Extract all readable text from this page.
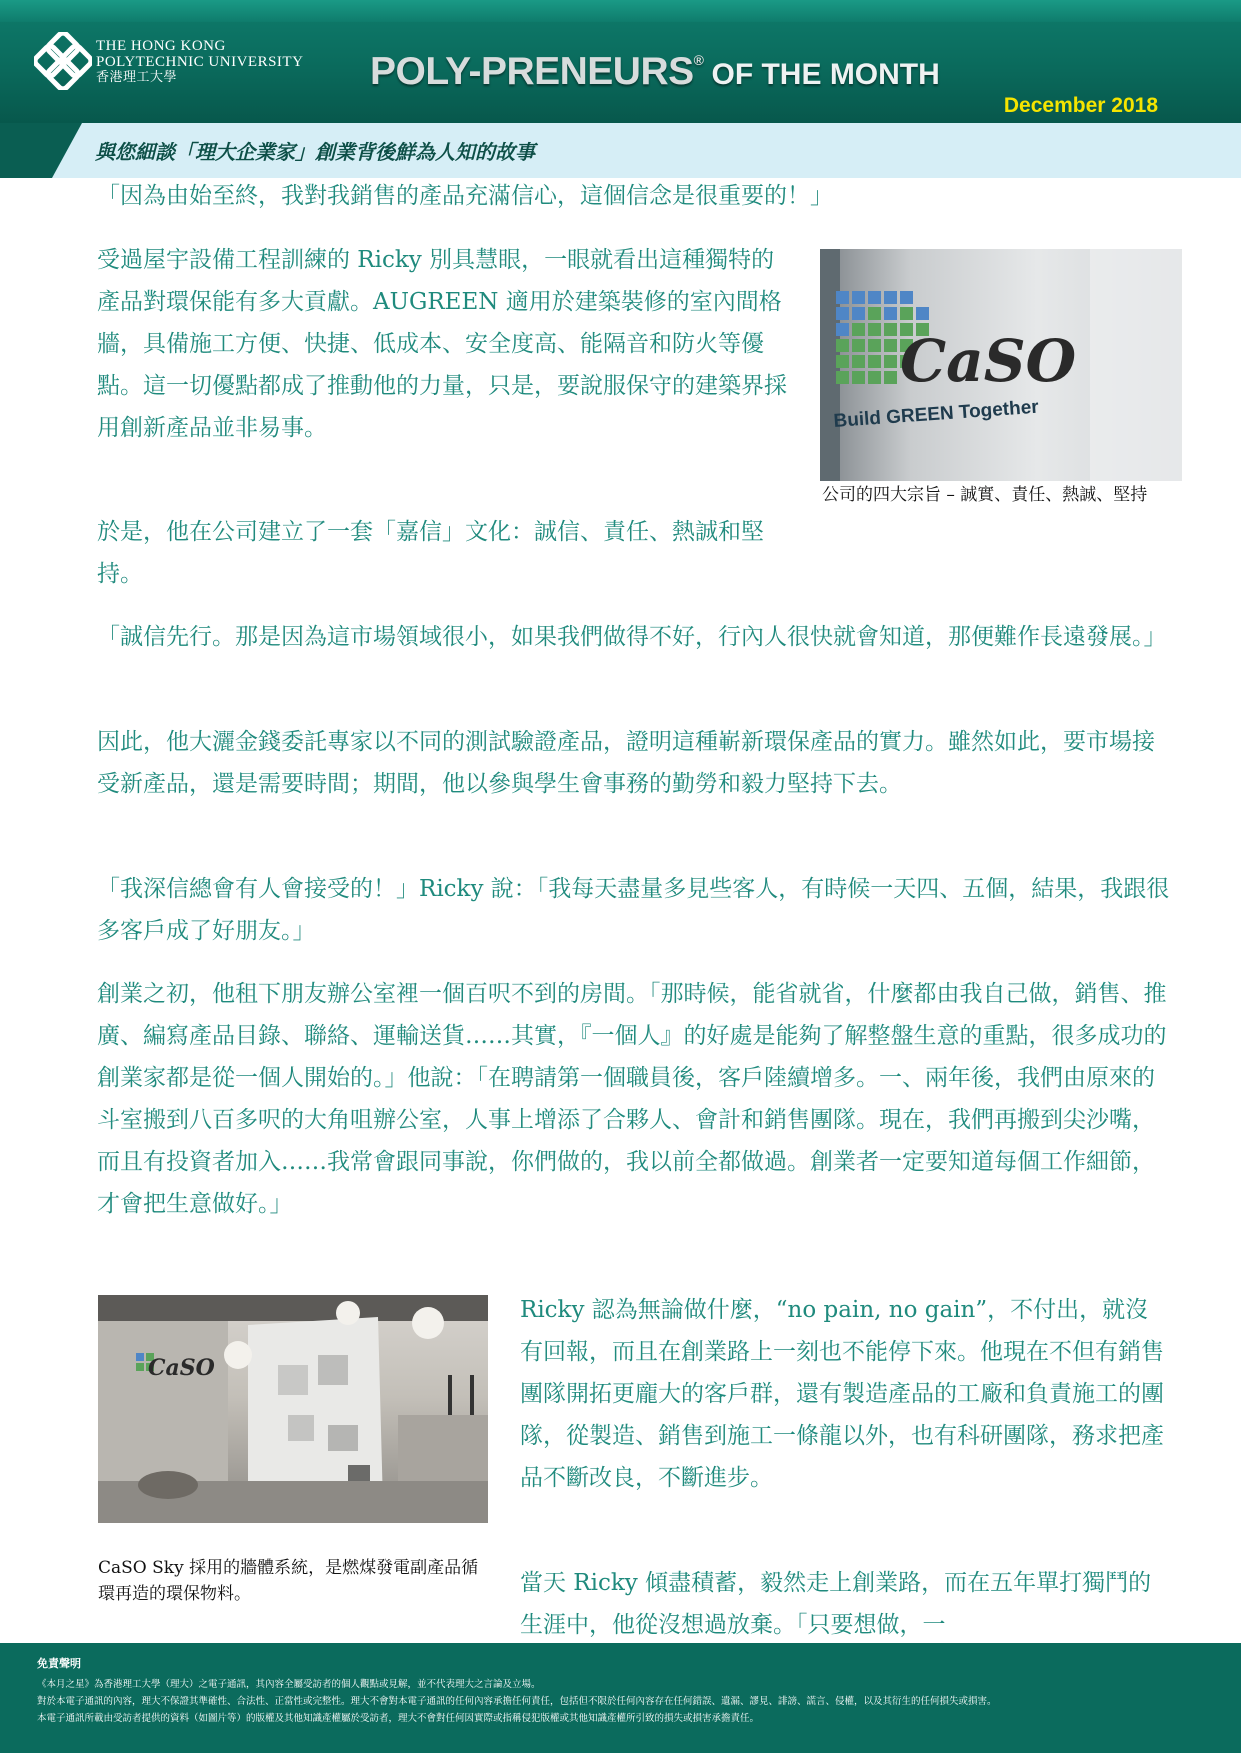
THE HONG KONG
POLYTECHNIC UNIVERSITY
香港理工大學	POLY-PRENEURS® OF THE MONTH
December 2018
與您細談「理大企業家」創業背後鮮為人知的故事

「因為由始至終，我對我銷售的產品充滿信心，這個信念是很重要的！」

受過屋宇設備工程訓練的 Ricky 別具慧眼，一眼就看出這種獨特的產品對環保能有多大貢獻。AUGREEN 適用於建築裝修的室內間格牆，具備施工方便、快捷、低成本、安全度高、能隔音和防火等優點。這一切優點都成了推動他的力量，只是，要說服保守的建築界採用創新產品並非易事。

CaSO
Build GREEN Together

公司的四大宗旨 – 誠實、責任、熱誠、堅持

於是，他在公司建立了一套「嘉信」文化：誠信、責任、熱誠和堅持。

「誠信先行。那是因為這市場領域很小，如果我們做得不好，行內人很快就會知道，那便難作長遠發展。」

因此，他大灑金錢委託專家以不同的測試驗證產品，證明這種嶄新環保產品的實力。雖然如此，要市場接受新產品，還是需要時間；期間，他以參與學生會事務的勤勞和毅力堅持下去。

「我深信總會有人會接受的！」Ricky 說：「我每天盡量多見些客人，有時候一天四、五個，結果，我跟很多客戶成了好朋友。」

創業之初，他租下朋友辦公室裡一個百呎不到的房間。「那時候，能省就省，什麼都由我自己做，銷售、推廣、編寫產品目錄、聯絡、運輸送貨……其實，『一個人』的好處是能夠了解整盤生意的重點，很多成功的創業家都是從一個人開始的。」他說：「在聘請第一個職員後，客戶陸續增多。一、兩年後，我們由原來的斗室搬到八百多呎的大角咀辦公室，人事上增添了合夥人、會計和銷售團隊。現在，我們再搬到尖沙嘴，而且有投資者加入……我常會跟同事說，你們做的，我以前全都做過。創業者一定要知道每個工作細節，才會把生意做好。」

CaSO

CaSO Sky 採用的牆體系統，是燃煤發電副產品循環再造的環保物料。

Ricky 認為無論做什麼，“no pain, no gain”，不付出，就沒有回報，而且在創業路上一刻也不能停下來。他現在不但有銷售團隊開拓更龐大的客戶群，還有製造產品的工廠和負責施工的團隊，從製造、銷售到施工一條龍以外，也有科研團隊，務求把產品不斷改良，不斷進步。

當天 Ricky 傾盡積蓄，毅然走上創業路，而在五年單打獨鬥的生涯中，他從沒想過放棄。「只要想做，一

免責聲明
《本月之星》為香港理工大學（理大）之電子通訊，其內容全屬受訪者的個人觀點或見解，並不代表理大之言論及立場。
對於本電子通訊的內容，理大不保證其準確性、合法性、正當性或完整性。理大不會對本電子通訊的任何內容承擔任何責任，包括但不限於任何內容存在任何錯誤、遺漏、謬見、誹謗、謊言、侵權，以及其衍生的任何損失或損害。
本電子通訊所載由受訪者提供的資料（如圖片等）的版權及其他知識產權屬於受訪者，理大不會對任何因實際或指稱侵犯版權或其他知識產權所引致的損失或損害承擔責任。
